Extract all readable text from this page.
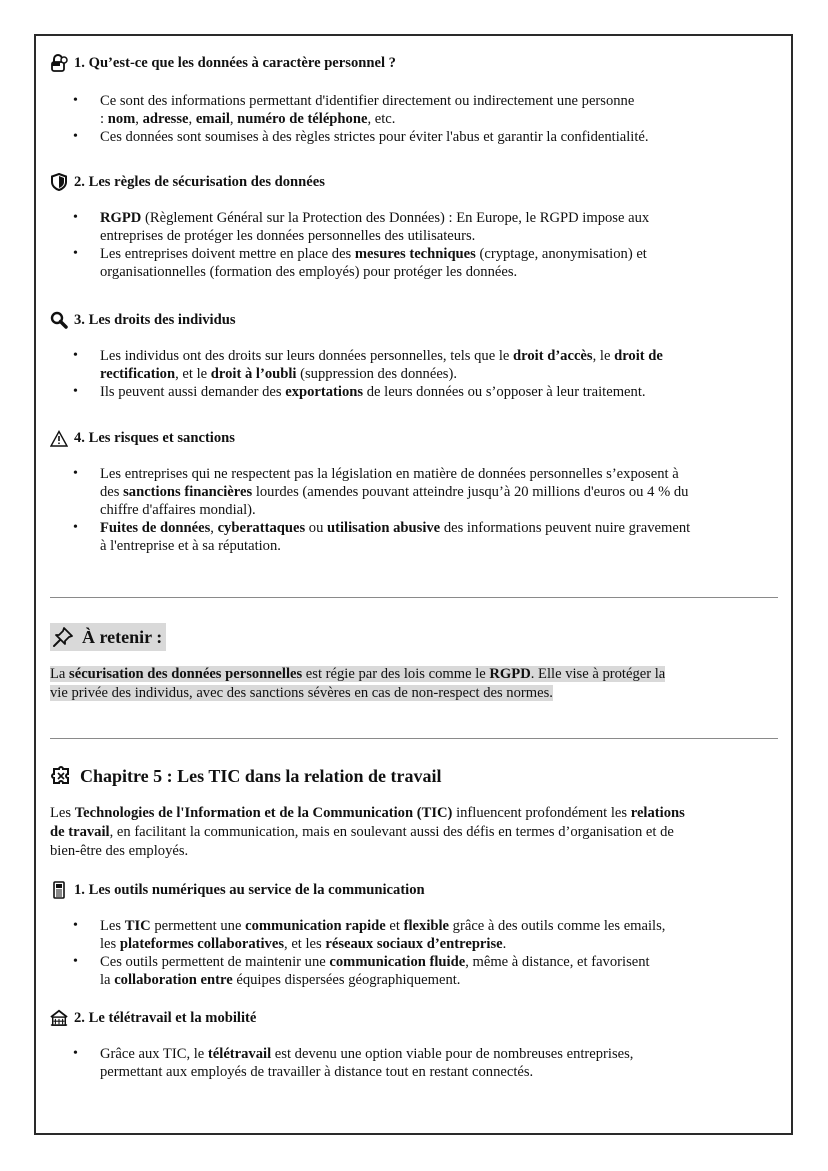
1. Qu’est-ce que les données à caractère personnel ?
• Ce sont des informations permettant d'identifier directement ou indirectement une personne
: nom, adresse, email, numéro de téléphone, etc.
• Ces données sont soumises à des règles strictes pour éviter l'abus et garantir la confidentialité.
2. Les règles de sécurisation des données
• RGPD (Règlement Général sur la Protection des Données) : En Europe, le RGPD impose aux
entreprises de protéger les données personnelles des utilisateurs.
• Les entreprises doivent mettre en place des mesures techniques (cryptage, anonymisation) et
organisationnelles (formation des employés) pour protéger les données.
3. Les droits des individus
• Les individus ont des droits sur leurs données personnelles, tels que le droit d’accès, le droit de
rectification, et le droit à l’oubli (suppression des données).
• Ils peuvent aussi demander des exportations de leurs données ou s’opposer à leur traitement.
4. Les risques et sanctions
• Les entreprises qui ne respectent pas la législation en matière de données personnelles s’exposent à
des sanctions financières lourdes (amendes pouvant atteindre jusqu’à 20 millions d'euros ou 4 % du
chiffre d'affaires mondial).
• Fuites de données, cyberattaques ou utilisation abusive des informations peuvent nuire gravement
à l'entreprise et à sa réputation.
À retenir :

La sécurisation des données personnelles est régie par des lois comme le RGPD. Elle vise à protéger la
vie privée des individus, avec des sanctions sévères en cas de non-respect des normes.

Chapitre 5 : Les TIC dans la relation de travail

Les Technologies de l'Information et de la Communication (TIC) influencent profondément les relations
de travail, en facilitant la communication, mais en soulevant aussi des défis en termes d’organisation et de
bien-être des employés.

1. Les outils numériques au service de la communication
• Les TIC permettent une communication rapide et flexible grâce à des outils comme les emails,
les plateformes collaboratives, et les réseaux sociaux d’entreprise.
• Ces outils permettent de maintenir une communication fluide, même à distance, et favorisent
la collaboration entre équipes dispersées géographiquement.
2. Le télétravail et la mobilité
• Grâce aux TIC, le télétravail est devenu une option viable pour de nombreuses entreprises,
permettant aux employés de travailler à distance tout en restant connectés.
